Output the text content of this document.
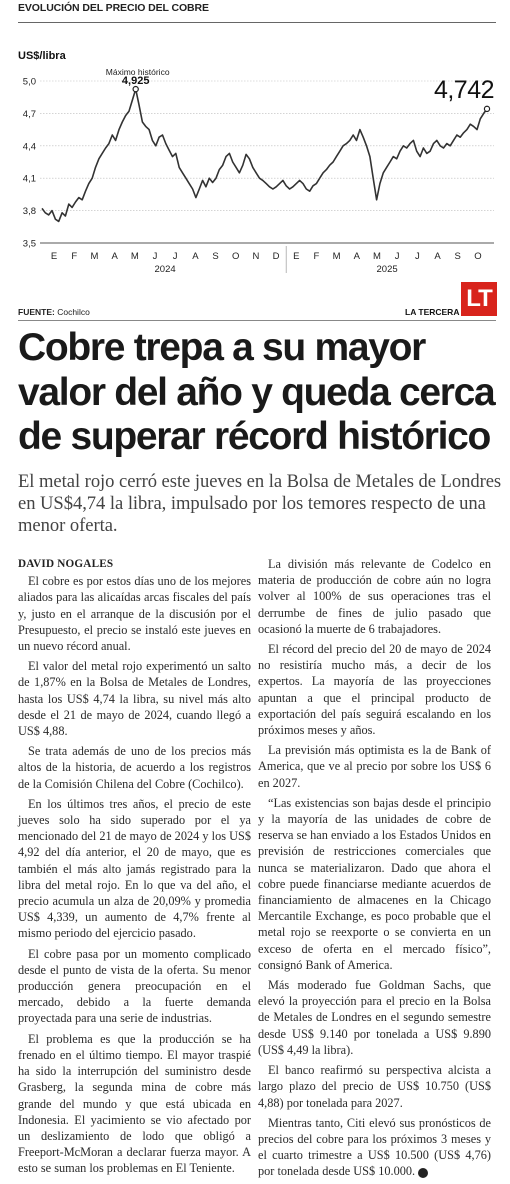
EVOLUCIÓN DEL PRECIO DEL COBRE
US$/libra
5,0
4,7
4,4
4,1
3,8
3,5
E F M A M J J A S O N D E F M A M J J A S O
2024	2025
Máximo histórico
4,925	4,742
FUENTE: Cochilco	LA TERCERA LT
Cobre trepa a su mayor valor del año y queda cerca de superar récord histórico

El metal rojo cerró este jueves en la Bolsa de Metales de Londres en US$4,74 la libra, impulsado por los temores respecto de una menor oferta.

DAVID NOGALES

El cobre es por estos días uno de los mejores aliados para las alicaídas arcas fiscales del país y, justo en el arranque de la discusión por el Presupuesto, el precio se instaló este jueves en un nuevo récord anual.

El valor del metal rojo experimentó un salto de 1,87% en la Bolsa de Metales de Londres, hasta los US$ 4,74 la libra, su nivel más alto desde el 21 de mayo de 2024, cuando llegó a US$ 4,88.

Se trata además de uno de los precios más altos de la historia, de acuerdo a los registros de la Comisión Chilena del Cobre (Cochilco).

En los últimos tres años, el precio de este jueves solo ha sido superado por el ya mencionado del 21 de mayo de 2024 y los US$ 4,92 del día anterior, el 20 de mayo, que es también el más alto jamás registrado para la libra del metal rojo. En lo que va del año, el precio acumula un alza de 20,09% y promedia US$ 4,339, un aumento de 4,7% frente al mismo periodo del ejercicio pasado.

El cobre pasa por un momento complicado desde el punto de vista de la oferta. Su menor producción genera preocupación en el mercado, debido a la fuerte demanda proyectada para una serie de industrias.

El problema es que la producción se ha frenado en el último tiempo. El mayor traspié ha sido la interrupción del suministro desde Grasberg, la segunda mina de cobre más grande del mundo y que está ubicada en Indonesia. El yacimiento se vio afectado por un deslizamiento de lodo que obligó a Freeport-McMoran a declarar fuerza mayor. A esto se suman los problemas en El Teniente.

La división más relevante de Codelco en materia de producción de cobre aún no logra volver al 100% de sus operaciones tras el derrumbe de fines de julio pasado que ocasionó la muerte de 6 trabajadores.

El récord del precio del 20 de mayo de 2024 no resistiría mucho más, a decir de los expertos. La mayoría de las proyecciones apuntan a que el principal producto de exportación del país seguirá escalando en los próximos meses y años.

La previsión más optimista es la de Bank of America, que ve al precio por sobre los US$ 6 en 2027.

“Las existencias son bajas desde el principio y la mayoría de las unidades de cobre de reserva se han enviado a los Estados Unidos en previsión de restricciones comerciales que nunca se materializaron. Dado que ahora el cobre puede financiarse mediante acuerdos de financiamiento de almacenes en la Chicago Mercantile Exchange, es poco probable que el metal rojo se reexporte o se convierta en un exceso de oferta en el mercado físico”, consignó Bank of America.

Más moderado fue Goldman Sachs, que elevó la proyección para el precio en la Bolsa de Metales de Londres en el segundo semestre desde US$ 9.140 por tonelada a US$ 9.890 (US$ 4,49 la libra).

El banco reafirmó su perspectiva alcista a largo plazo del precio de US$ 10.750 (US$ 4,88) por tonelada para 2027.

Mientras tanto, Citi elevó sus pronósticos de precios del cobre para los próximos 3 meses y el cuarto trimestre a US$ 10.500 (US$ 4,76) por tonelada desde US$ 10.000. LT
